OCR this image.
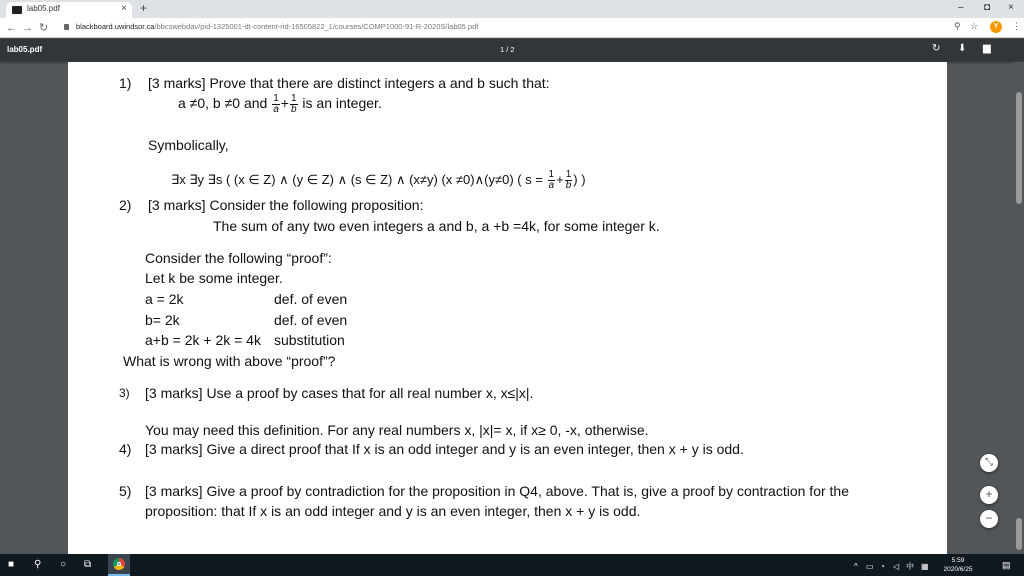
lab05.pdf	× +	– ◘ ×
← → ↻	blackboard.uwindsor.ca/bbcswebdav/pid-1325001-dt-content-rid-16505822_1/courses/COMP1000-91-R-2020S/lab05.pdf	⚲ ☆	Y	⋮
lab05.pdf	1 / 2	↻ ⬇ ▆
1) [3 marks] Prove that there are distinct integers a and b such that:
a ≠0, b ≠0 and $\frac{1}{a} + \frac{1}{b}$ is an integer.
Symbolically,
∃x ∃y ∃s ( (x ∈ Z) ∧ (y ∈ Z) ∧ (s ∈ Z) ∧ (x≠y) (x ≠0)∧(y≠0) ( $s = \frac{1}{a} + \frac{1}{b}$ ) )
2) [3 marks] Consider the following proposition:
The sum of any two even integers a and b, a +b =4k, for some integer k.
Consider the following “proof”:
Let k be some integer.
a = 2k	def. of even
b= 2k	def. of even
a+b = 2k + 2k = 4k substitution
What is wrong with above “proof”?
3) [3 marks] Use a proof by cases that for all real number x, x≤|x|.
You may need this definition. For any real numbers x, |x|= x, if x≥ 0, -x, otherwise.
4) [3 marks] Give a direct proof that If x is an odd integer and y is an even integer, then x + y is odd.
5) [3 marks] Give a proof by contradiction for the proposition in Q4, above. That is, give a proof by contraction for the
proposition: that If x is an odd integer and y is an even integer, then x + y is odd.
⤡
+
−
■ ⚲ ○ ⧉	^ ▭ ◔ ◁ 中 ▦
5:59
2020/6/25	▤
